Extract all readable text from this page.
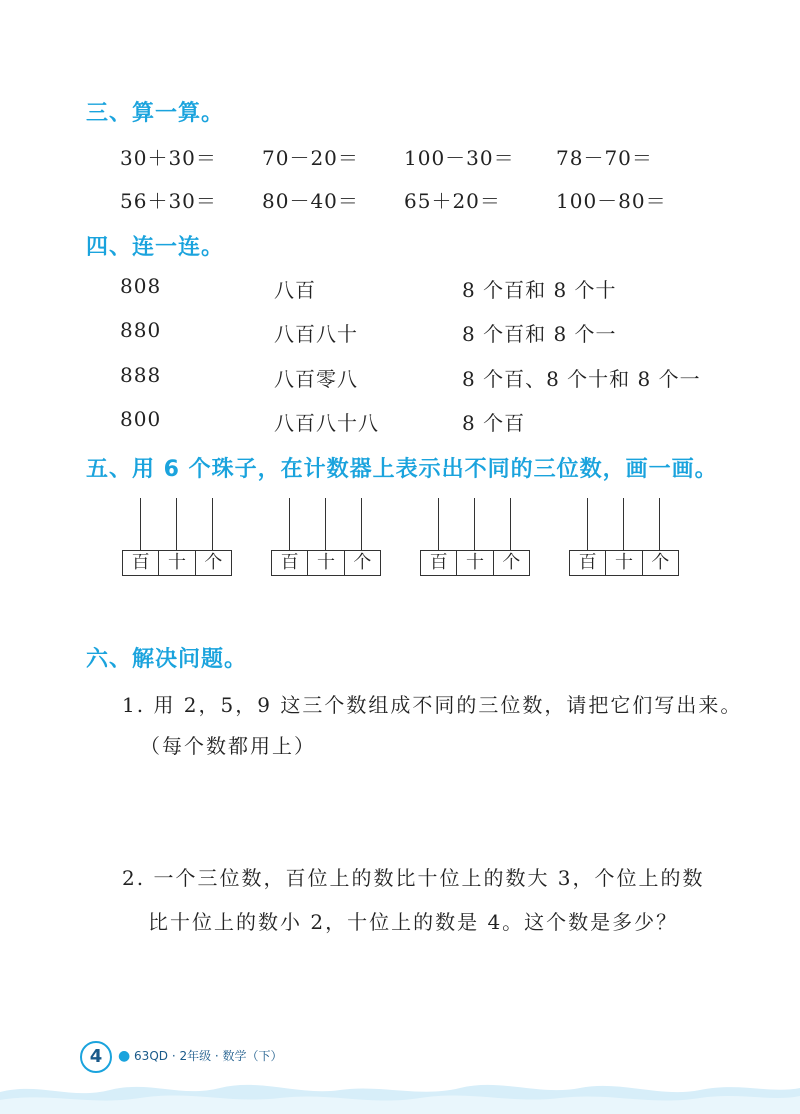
三、算一算。
30＋30＝ 70－20＝ 100－30＝ 78－70＝
56＋30＝ 80－40＝ 65＋20＝	100－80＝
四、连一连。
808	八百	8 个百和 8 个十
880	八百八十	8 个百和 8 个一
888	八百零八	8 个百、8 个十和 8 个一
800	八百八十八	8 个百
五、用 6 个珠子，在计数器上表示出不同的三位数，画一画。
百	十	个	百	十	个	百	十	个	百	十	个
六、解决问题。
1. 用 2，5，9 这三个数组成不同的三位数，请把它们写出来。
（每个数都用上）
2. 一个三位数，百位上的数比十位上的数大 3，个位上的数
比十位上的数小 2，十位上的数是 4。这个数是多少？
4	● 63QD · 2年级 · 数学（下）
